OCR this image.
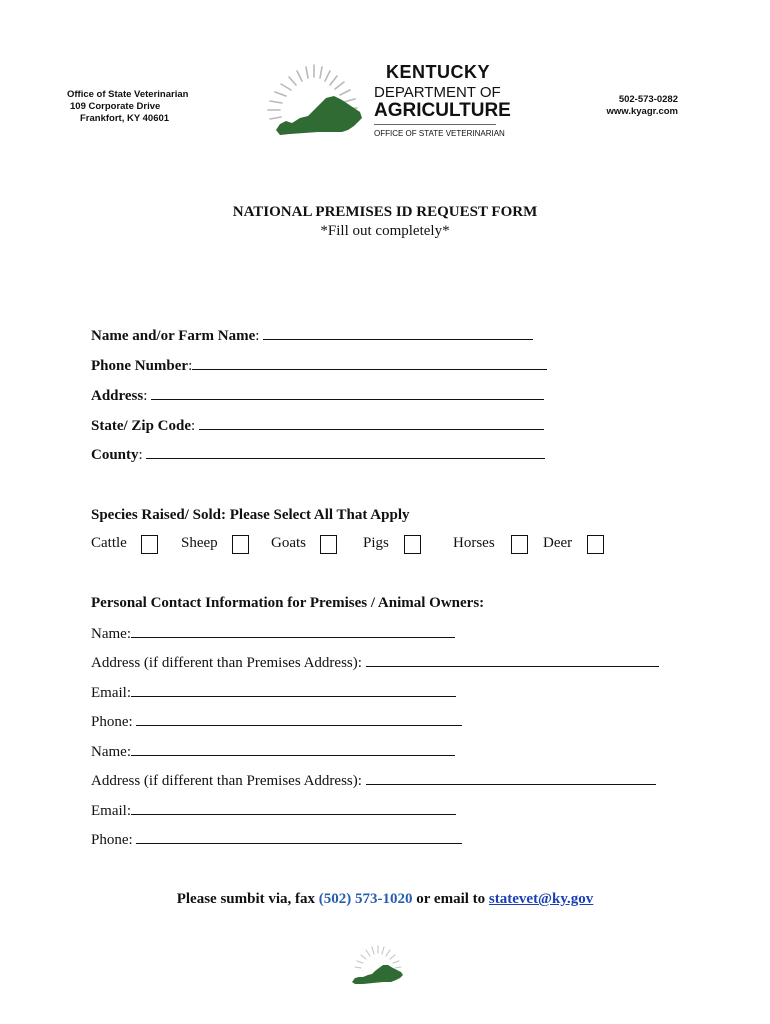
Office of State Veterinarian
109 Corporate Drive
Frankfort, KY 40601
KENTUCKY
DEPARTMENT OF
AGRICULTURE
OFFICE OF STATE VETERINARIAN
502-573-0282
www.kyagr.com
NATIONAL PREMISES ID REQUEST FORM
*Fill out completely*
Name and/or Farm Name:
Phone Number:
Address:
State/ Zip Code:
County:
Species Raised/ Sold: Please Select All That Apply
Cattle	Sheep	Goats	Pigs	Horses	Deer
Personal Contact Information for Premises / Animal Owners:
Name:
Address (if different than Premises Address):
Email:
Phone:
Name:
Address (if different than Premises Address):
Email:
Phone:
Please sumbit via, fax (502) 573-1020 or email to statevet@ky.gov
